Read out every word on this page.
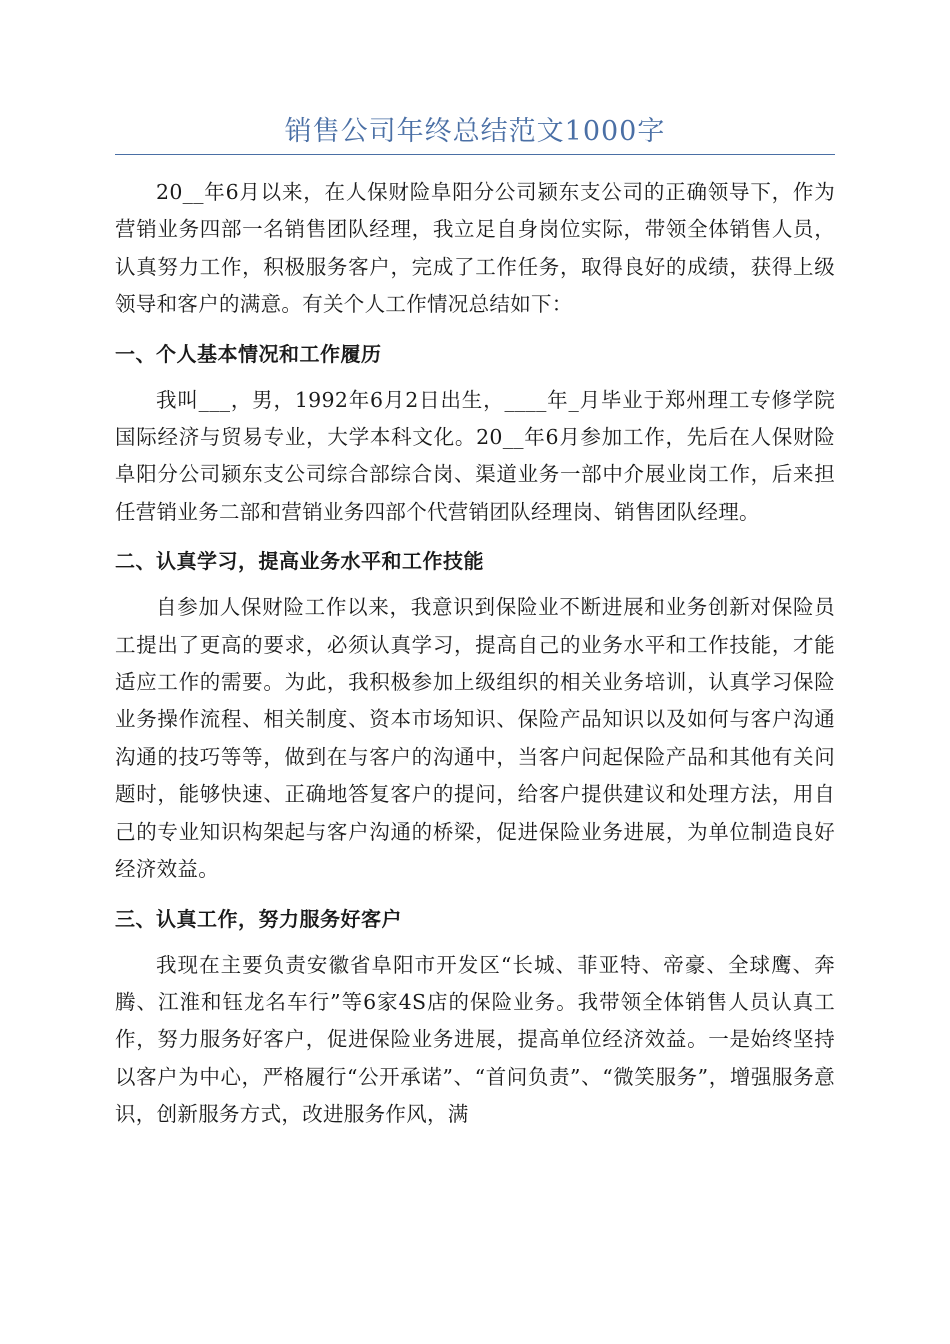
销售公司年终总结范文1000字

20__年6月以来，在人保财险阜阳分公司颍东支公司的正确领导下，作为营销业务四部一名销售团队经理，我立足自身岗位实际，带领全体销售人员，认真努力工作，积极服务客户，完成了工作任务，取得良好的成绩，获得上级领导和客户的满意。有关个人工作情况总结如下：

一、个人基本情况和工作履历

我叫___，男，1992年6月2日出生，____年_月毕业于郑州理工专修学院国际经济与贸易专业，大学本科文化。20__年6月参加工作，先后在人保财险阜阳分公司颍东支公司综合部综合岗、渠道业务一部中介展业岗工作，后来担任营销业务二部和营销业务四部个代营销团队经理岗、销售团队经理。

二、认真学习，提高业务水平和工作技能

自参加人保财险工作以来，我意识到保险业不断进展和业务创新对保险员工提出了更高的要求，必须认真学习，提高自己的业务水平和工作技能，才能适应工作的需要。为此，我积极参加上级组织的相关业务培训，认真学习保险业务操作流程、相关制度、资本市场知识、保险产品知识以及如何与客户沟通沟通的技巧等等，做到在与客户的沟通中，当客户问起保险产品和其他有关问题时，能够快速、正确地答复客户的提问，给客户提供建议和处理方法，用自己的专业知识构架起与客户沟通的桥梁，促进保险业务进展，为单位制造良好经济效益。

三、认真工作，努力服务好客户

我现在主要负责安徽省阜阳市开发区“长城、菲亚特、帝豪、全球鹰、奔腾、江淮和钰龙名车行”等6家4S店的保险业务。我带领全体销售人员认真工作，努力服务好客户，促进保险业务进展，提高单位经济效益。一是始终坚持以客户为中心，严格履行“公开承诺”、“首问负责”、“微笑服务”，增强服务意识，创新服务方式，改进服务作风，满
